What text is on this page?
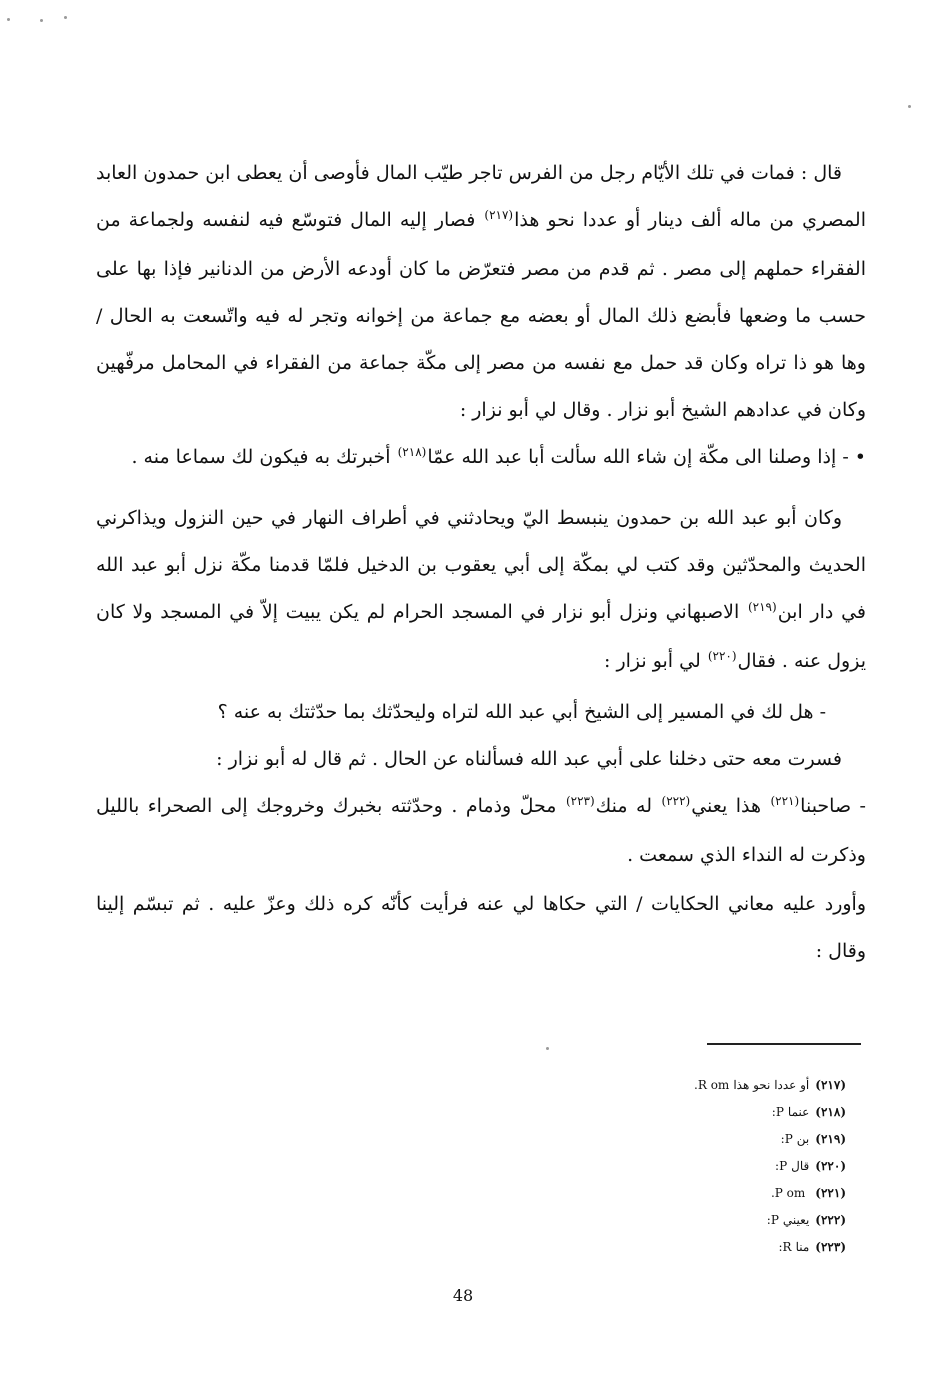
قال : فمات في تلك الأيّام رجل من الفرس تاجر طيّب المال فأوصى أن يعطى ابن حمدون العابد المصري من ماله ألف دينار أو عددا نحو هذا$^{(٢١٧)}$ فصار إليه المال فتوسّع فيه لنفسه ولجماعة من الفقراء حملهم إلى مصر . ثم قدم من مصر فتعرّض ما كان أودعه الأرض من الدنانير فإذا بها على حسب ما وضعها فأبضع ذلك المال أو بعضه مع جماعة من إخوانه وتجر له فيه واتّسعت به الحال / وها هو ذا تراه وكان قد حمل مع نفسه من مصر إلى مكّة جماعة من الفقراء في المحامل مرفّهين وكان في عدادهم الشيخ أبو نزار . وقال لي أبو نزار :

• - إذا وصلنا الى مكّة إن شاء الله سألت أبا عبد الله عمّا$^{(٢١٨)}$ أخبرتك به فيكون لك سماعا منه .

وكان أبو عبد الله بن حمدون ينبسط اليّ ويحادثني في أطراف النهار في حين النزول ويذاكرني الحديث والمحدّثين وقد كتب لي بمكّة إلى أبي يعقوب بن الدخيل فلمّا قدمنا مكّة نزل أبو عبد الله في دار ابن$^{(٢١٩)}$ الاصبهاني ونزل أبو نزار في المسجد الحرام لم يكن يبيت إلاّ في المسجد ولا كان يزول عنه . فقال$^{(٢٢٠)}$ لي أبو نزار :

- هل لك في المسير إلى الشيخ أبي عبد الله لتراه وليحدّثك بما حدّثتك به عنه ؟

فسرت معه حتى دخلنا على أبي عبد الله فسألناه عن الحال . ثم قال له أبو نزار :

- صاحبنا$^{(٢٢١)}$ هذا يعني$^{(٢٢٢)}$ له منك$^{(٢٢٣)}$ محلّ وذمام . وحدّثته بخبرك وخروجك إلى الصحراء بالليل وذكرت له النداء الذي سمعت .

وأورد عليه معاني الحكايات / التي حكاها لي عنه فرأيت كأنّه كره ذلك وعزّ عليه . ثم تبسّم إلينا وقال :

(٢١٧)أو عددا نحو هذاR om.
(٢١٨)عنماP:
(٢١٩)بنP:
(٢٢٠)قالP:
(٢٢١)P om.
(٢٢٢)يعينيP:
(٢٢٣)مناR:
48
